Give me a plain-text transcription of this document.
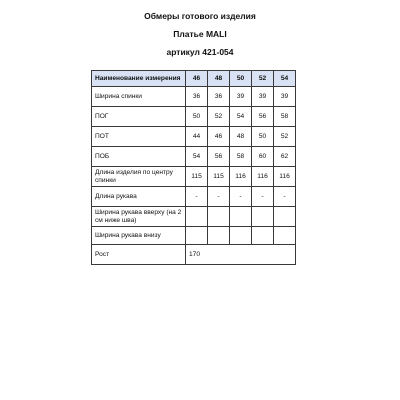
Обмеры готового изделия
Платье MALI
артикул 421-054
Наименование измерения	46	48	50	52	54
Ширина спинки	36	36	39	39	39
ПОГ	50	52	54	56	58
ПОТ	44	46	48	50	52
ПОБ	54	56	58	60	62
Длина изделия по центру спинки	115	115	116	116	116
Длина рукава	-	-	-	-	-
Ширина рукава вверху (на 2 см ниже шва)					
Ширина рукава внизу					
Рост	170				
